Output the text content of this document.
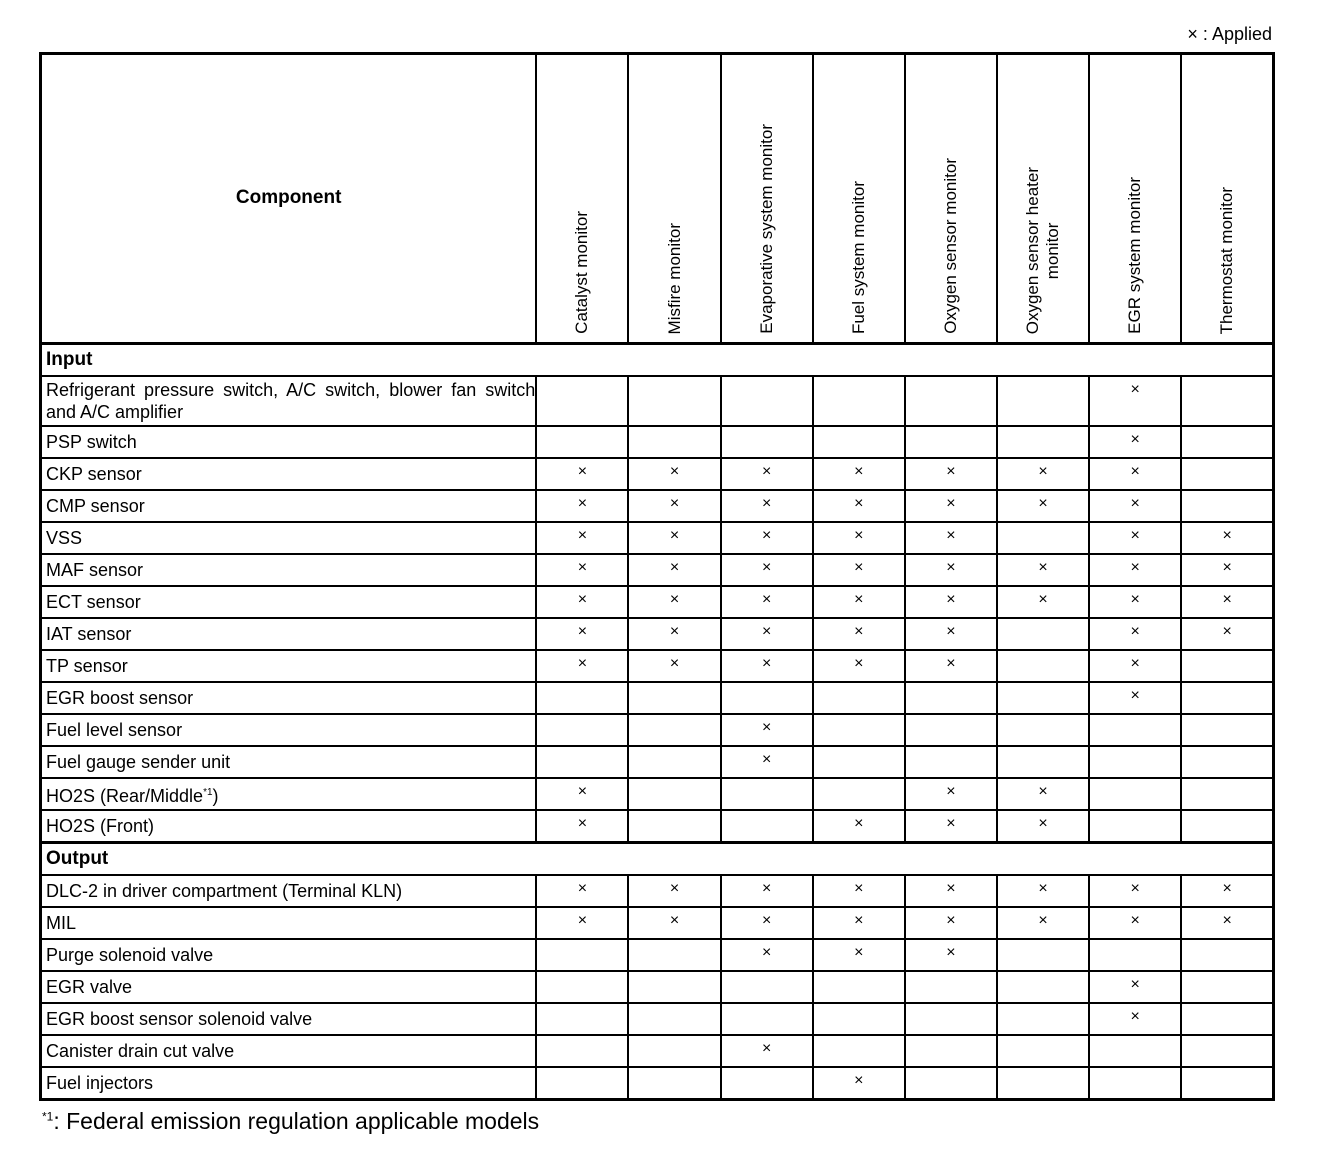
× : Applied
Component	Catalyst monitor	Misfire monitor	Evaporative system monitor	Fuel system monitor	Oxygen sensor monitor	Oxygen sensor heater
monitor	EGR system monitor	Thermostat monitor

Input								
Refrigerant pressure switch, A/C switch, blower fan switch and A/C amplifier							×	
PSP switch							×	
CKP sensor	×	×	×	×	×	×	×	
CMP sensor	×	×	×	×	×	×	×	
VSS	×	×	×	×	×		×	×
MAF sensor	×	×	×	×	×	×	×	×
ECT sensor	×	×	×	×	×	×	×	×
IAT sensor	×	×	×	×	×		×	×
TP sensor	×	×	×	×	×		×	
EGR boost sensor							×	
Fuel level sensor			×					
Fuel gauge sender unit			×					
HO2S (Rear/Middle$^{*1}$)	×				×	×		
HO2S (Front)	×			×	×	×		
Output								
DLC-2 in driver compartment (Terminal KLN)	×	×	×	×	×	×	×	×
MIL	×	×	×	×	×	×	×	×
Purge solenoid valve			×	×	×			
EGR valve							×	
EGR boost sensor solenoid valve							×	
Canister drain cut valve			×					
Fuel injectors				×				
$^{*1}$: Federal emission regulation applicable models
